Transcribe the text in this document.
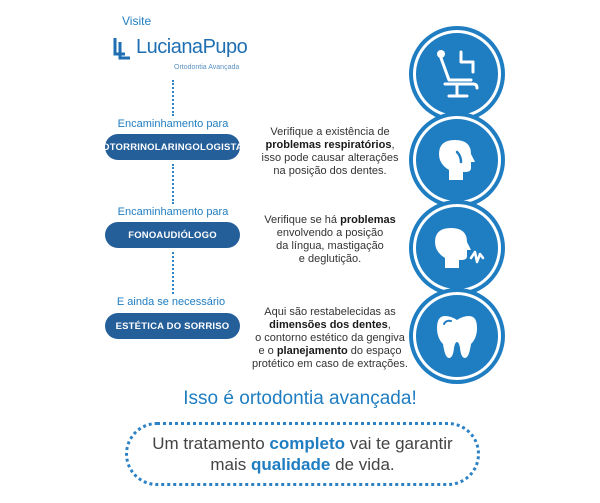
Visite
LucianaPupo
Ortodontia Avançada
Encaminhamento para
OTORRINOLARINGOLOGISTA
Verifique a existência de
problemas respiratórios,
isso pode causar alterações
na posição dos dentes.
Encaminhamento para
FONOAUDIÓLOGO
Verifique se há problemas
envolvendo a posição
da língua, mastigação
e deglutição.
E ainda se necessário
ESTÉTICA DO SORRISO
Aqui são restabelecidas as
dimensões dos dentes,
o contorno estético da gengiva
e o planejamento do espaço
protético em caso de extrações.
Isso é ortodontia avançada!
Um tratamento completo vai te garantir
mais qualidade de vida.
